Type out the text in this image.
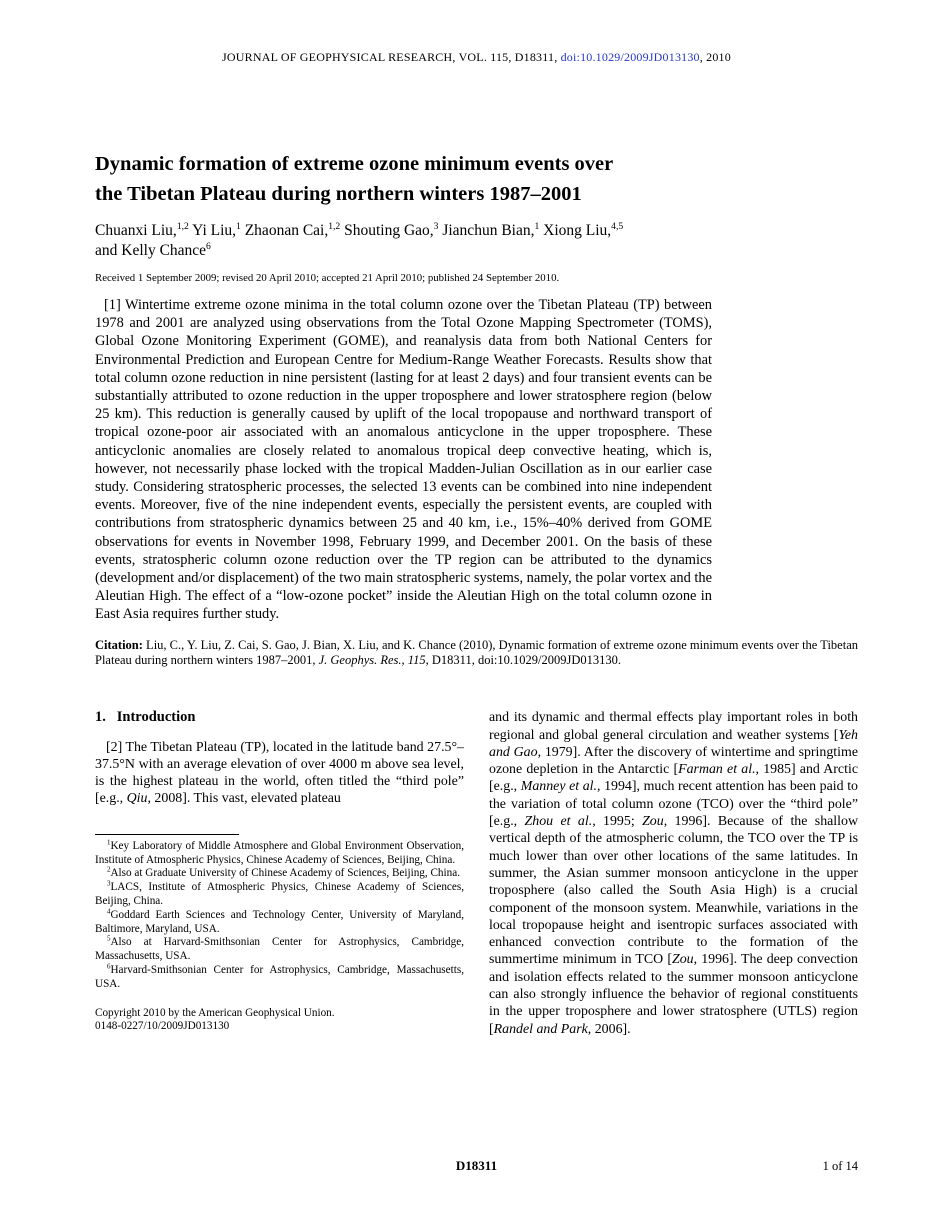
JOURNAL OF GEOPHYSICAL RESEARCH, VOL. 115, D18311, doi:10.1029/2009JD013130, 2010
Dynamic formation of extreme ozone minimum events over
the Tibetan Plateau during northern winters 1987–2001
Chuanxi Liu,$^{1,2}$ Yi Liu,$^1$ Zhaonan Cai,$^{1,2}$ Shouting Gao,$^3$ Jianchun Bian,$^1$ Xiong Liu,$^{4,5}$
and Kelly Chance$^6$
Received 1 September 2009; revised 20 April 2010; accepted 21 April 2010; published 24 September 2010.
[1] Wintertime extreme ozone minima in the total column ozone over the Tibetan Plateau (TP) between 1978 and 2001 are analyzed using observations from the Total Ozone Mapping Spectrometer (TOMS), Global Ozone Monitoring Experiment (GOME), and reanalysis data from both National Centers for Environmental Prediction and European Centre for Medium-Range Weather Forecasts. Results show that total column ozone reduction in nine persistent (lasting for at least 2 days) and four transient events can be substantially attributed to ozone reduction in the upper troposphere and lower stratosphere region (below 25 km). This reduction is generally caused by uplift of the local tropopause and northward transport of tropical ozone-poor air associated with an anomalous anticyclone in the upper troposphere. These anticyclonic anomalies are closely related to anomalous tropical deep convective heating, which is, however, not necessarily phase locked with the tropical Madden-Julian Oscillation as in our earlier case study. Considering stratospheric processes, the selected 13 events can be combined into nine independent events. Moreover, five of the nine independent events, especially the persistent events, are coupled with contributions from stratospheric dynamics between 25 and 40 km, i.e., 15%–40% derived from GOME observations for events in November 1998, February 1999, and December 2001. On the basis of these events, stratospheric column ozone reduction over the TP region can be attributed to the dynamics (development and/or displacement) of the two main stratospheric systems, namely, the polar vortex and the Aleutian High. The effect of a “low-ozone pocket” inside the Aleutian High on the total column ozone in East Asia requires further study.
Citation: Liu, C., Y. Liu, Z. Cai, S. Gao, J. Bian, X. Liu, and K. Chance (2010), Dynamic formation of extreme ozone minimum events over the Tibetan Plateau during northern winters 1987–2001, J. Geophys. Res., 115, D18311, doi:10.1029/2009JD013130.
1.   Introduction

[2] The Tibetan Plateau (TP), located in the latitude band 27.5°–37.5°N with an average elevation of over 4000 m above sea level, is the highest plateau in the world, often titled the “third pole” [e.g., Qiu, 2008]. This vast, elevated plateau

$^1$Key Laboratory of Middle Atmosphere and Global Environment Observation, Institute of Atmospheric Physics, Chinese Academy of Sciences, Beijing, China.
$^2$Also at Graduate University of Chinese Academy of Sciences, Beijing, China.
$^3$LACS, Institute of Atmospheric Physics, Chinese Academy of Sciences, Beijing, China.
$^4$Goddard Earth Sciences and Technology Center, University of Maryland, Baltimore, Maryland, USA.
$^5$Also at Harvard-Smithsonian Center for Astrophysics, Cambridge, Massachusetts, USA.
$^6$Harvard-Smithsonian Center for Astrophysics, Cambridge, Massachusetts, USA.
Copyright 2010 by the American Geophysical Union.
0148-0227/10/2009JD013130

and its dynamic and thermal effects play important roles in both regional and global general circulation and weather systems [Yeh and Gao, 1979]. After the discovery of wintertime and springtime ozone depletion in the Antarctic [Farman et al., 1985] and Arctic [e.g., Manney et al., 1994], much recent attention has been paid to the variation of total column ozone (TCO) over the “third pole” [e.g., Zhou et al., 1995; Zou, 1996]. Because of the shallow vertical depth of the atmospheric column, the TCO over the TP is much lower than over other locations of the same latitudes. In summer, the Asian summer monsoon anticyclone in the upper troposphere (also called the South Asia High) is a crucial component of the monsoon system. Meanwhile, variations in the local tropopause height and isentropic surfaces associated with enhanced convection contribute to the formation of the summertime minimum in TCO [Zou, 1996]. The deep convection and isolation effects related to the summer monsoon anticyclone can also strongly influence the behavior of regional constituents in the upper troposphere and lower stratosphere (UTLS) region [Randel and Park, 2006].

D18311	1 of 14
